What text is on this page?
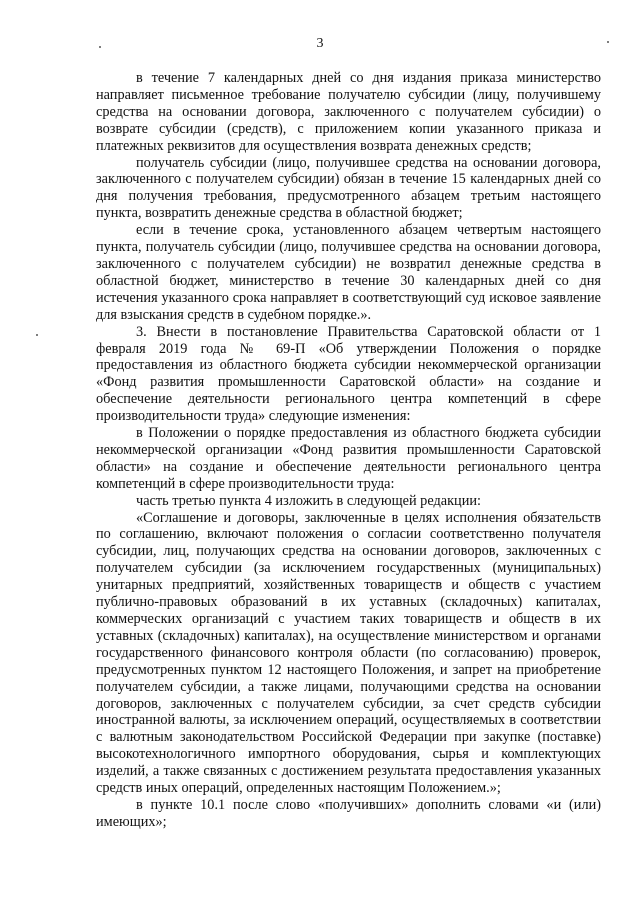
3

в течение 7 календарных дней со дня издания приказа министерство направляет письменное требование получателю субсидии (лицу, получившему средства на основании договора, заключенного с получателем субсидии) о возврате субсидии (средств), с приложением копии указанного приказа и платежных реквизитов для осуществления возврата денежных средств;

получатель субсидии (лицо, получившее средства на основании договора, заключенного с получателем субсидии) обязан в течение 15 календарных дней со дня получения требования, предусмотренного абзацем третьим настоящего пункта, возвратить денежные средства в областной бюджет;

если в течение срока, установленного абзацем четвертым настоящего пункта, получатель субсидии (лицо, получившее средства на основании договора, заключенного с получателем субсидии) не возвратил денежные средства в областной бюджет, министерство в течение 30 календарных дней со дня истечения указанного срока направляет в соответствующий суд исковое заявление для взыскания средств в судебном порядке.».

3. Внести в постановление Правительства Саратовской области от 1 февраля 2019 года № 69-П «Об утверждении Положения о порядке предоставления из областного бюджета субсидии некоммерческой организации «Фонд развития промышленности Саратовской области» на создание и обеспечение деятельности регионального центра компетенций в сфере производительности труда» следующие изменения:

в Положении о порядке предоставления из областного бюджета субсидии некоммерческой организации «Фонд развития промышленности Саратовской области» на создание и обеспечение деятельности регионального центра компетенций в сфере производительности труда:

часть третью пункта 4 изложить в следующей редакции:

«Соглашение и договоры, заключенные в целях исполнения обязательств по соглашению, включают положения о согласии соответственно получателя субсидии, лиц, получающих средства на основании договоров, заключенных с получателем субсидии (за исключением государственных (муниципальных) унитарных предприятий, хозяйственных товариществ и обществ с участием публично-правовых образований в их уставных (складочных) капиталах, коммерческих организаций с участием таких товариществ и обществ в их уставных (складочных) капиталах), на осуществление министерством и органами государственного финансового контроля области (по согласованию) проверок, предусмотренных пунктом 12 настоящего Положения, и запрет на приобретение получателем субсидии, а также лицами, получающими средства на основании договоров, заключенных с получателем субсидии, за счет средств субсидии иностранной валюты, за исключением операций, осуществляемых в соответствии с валютным законодательством Российской Федерации при закупке (поставке) высокотехнологичного импортного оборудования, сырья и комплектующих изделий, а также связанных с достижением результата предоставления указанных средств иных операций, определенных настоящим Положением.»;

в пункте 10.1 после слово «получивших» дополнить словами «и (или) имеющих»;
